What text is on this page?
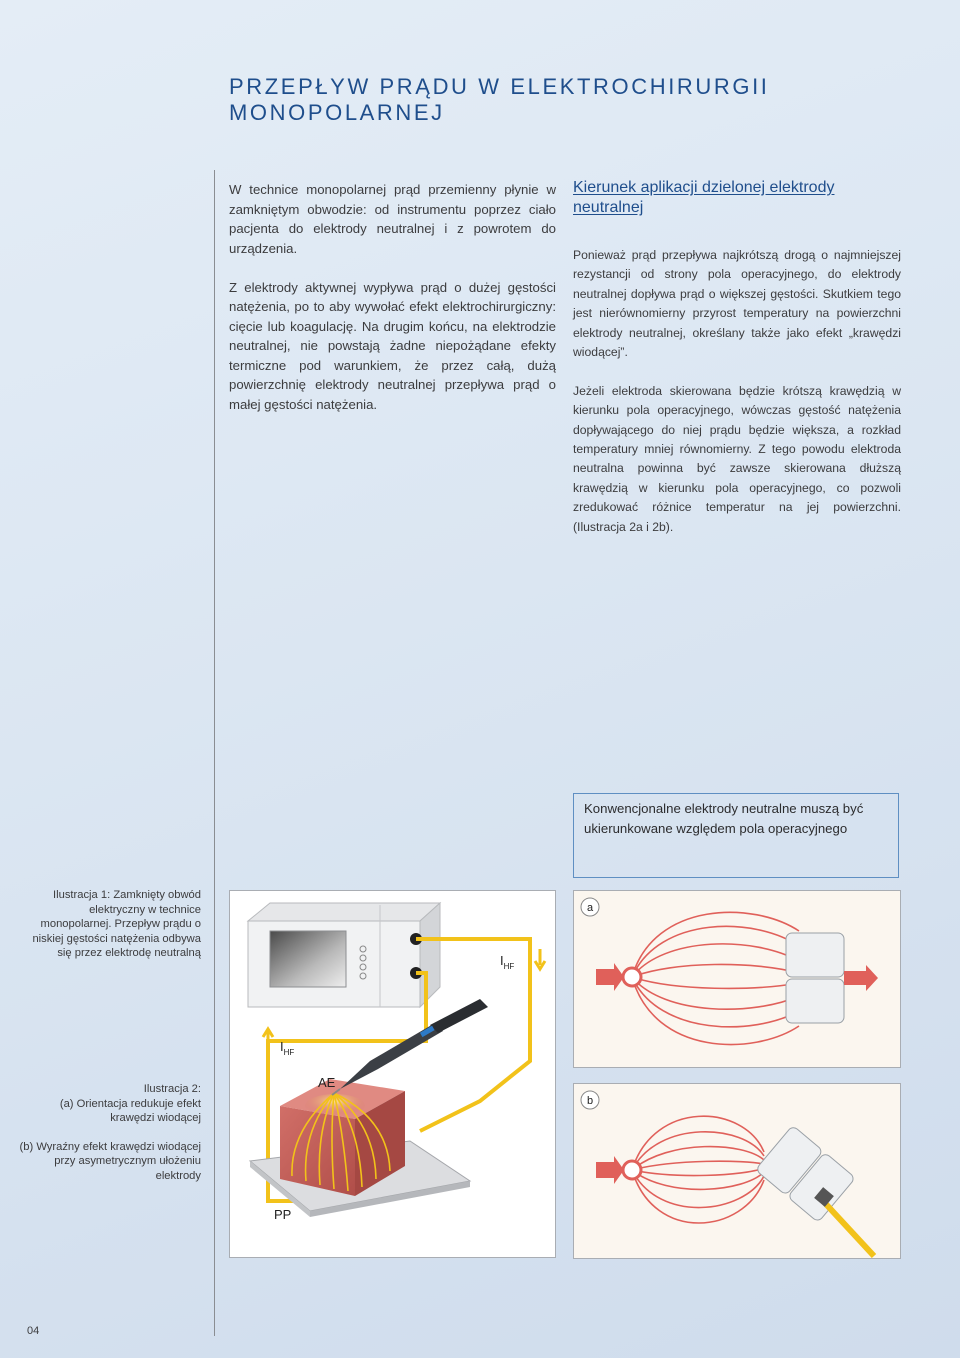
PRZEPŁYW PRĄDU W ELEKTROCHIRURGII
MONOPOLARNEJ

W technice monopolarnej prąd przemienny płynie w zamkniętym obwodzie: od instrumentu poprzez ciało pacjenta do elektrody neutralnej i z powrotem do urządzenia.

Z elektrody aktywnej wypływa prąd o dużej gęstości natężenia, po to aby wywołać efekt elektrochirurgiczny: cięcie lub koagulację. Na drugim końcu, na elektrodzie neutralnej, nie powstają żadne niepożądane efekty termiczne pod warunkiem, że przez całą, dużą powierzchnię elektrody neutralnej przepływa prąd o małej gęstości natężenia.

Kierunek aplikacji dzielonej elektrody neutralnej

Ponieważ prąd przepływa najkrótszą drogą o najmniejszej rezystancji od strony pola operacyjnego, do elektrody neutralnej dopływa prąd o większej gęstości. Skutkiem tego jest nierównomierny przyrost temperatury na powierzchni elektrody neutralnej, określany także jako efekt „krawędzi wiodącej”.

Jeżeli elektroda skierowana będzie krótszą krawędzią w kierunku pola operacyjnego, wówczas gęstość natężenia dopływającego do niej prądu będzie większa, a rozkład temperatury mniej równomierny. Z tego powodu elektroda neutralna powinna być zawsze skierowana dłuższą krawędzią w kierunku pola operacyjnego, co pozwoli zredukować różnice temperatur na jej powierzchni. (Ilustracja 2a i 2b).

Konwencjonalne elektrody neutralne muszą być ukierunkowane względem pola operacyjnego
Ilustracja 1: Zamknięty obwód elektryczny w technice monopolarnej. Przepływ prądu o niskiej gęstości natężenia odbywa się przez elektrodę neutralną

Ilustracja 2:

(a) Orientacja redukuje efekt krawędzi wiodącej

(b) Wyraźny efekt krawędzi wiodącej przy asymetrycznym ułożeniu elektrody

$I_{HF}$
$I_{HF}$
AE
PP
a
b
04
